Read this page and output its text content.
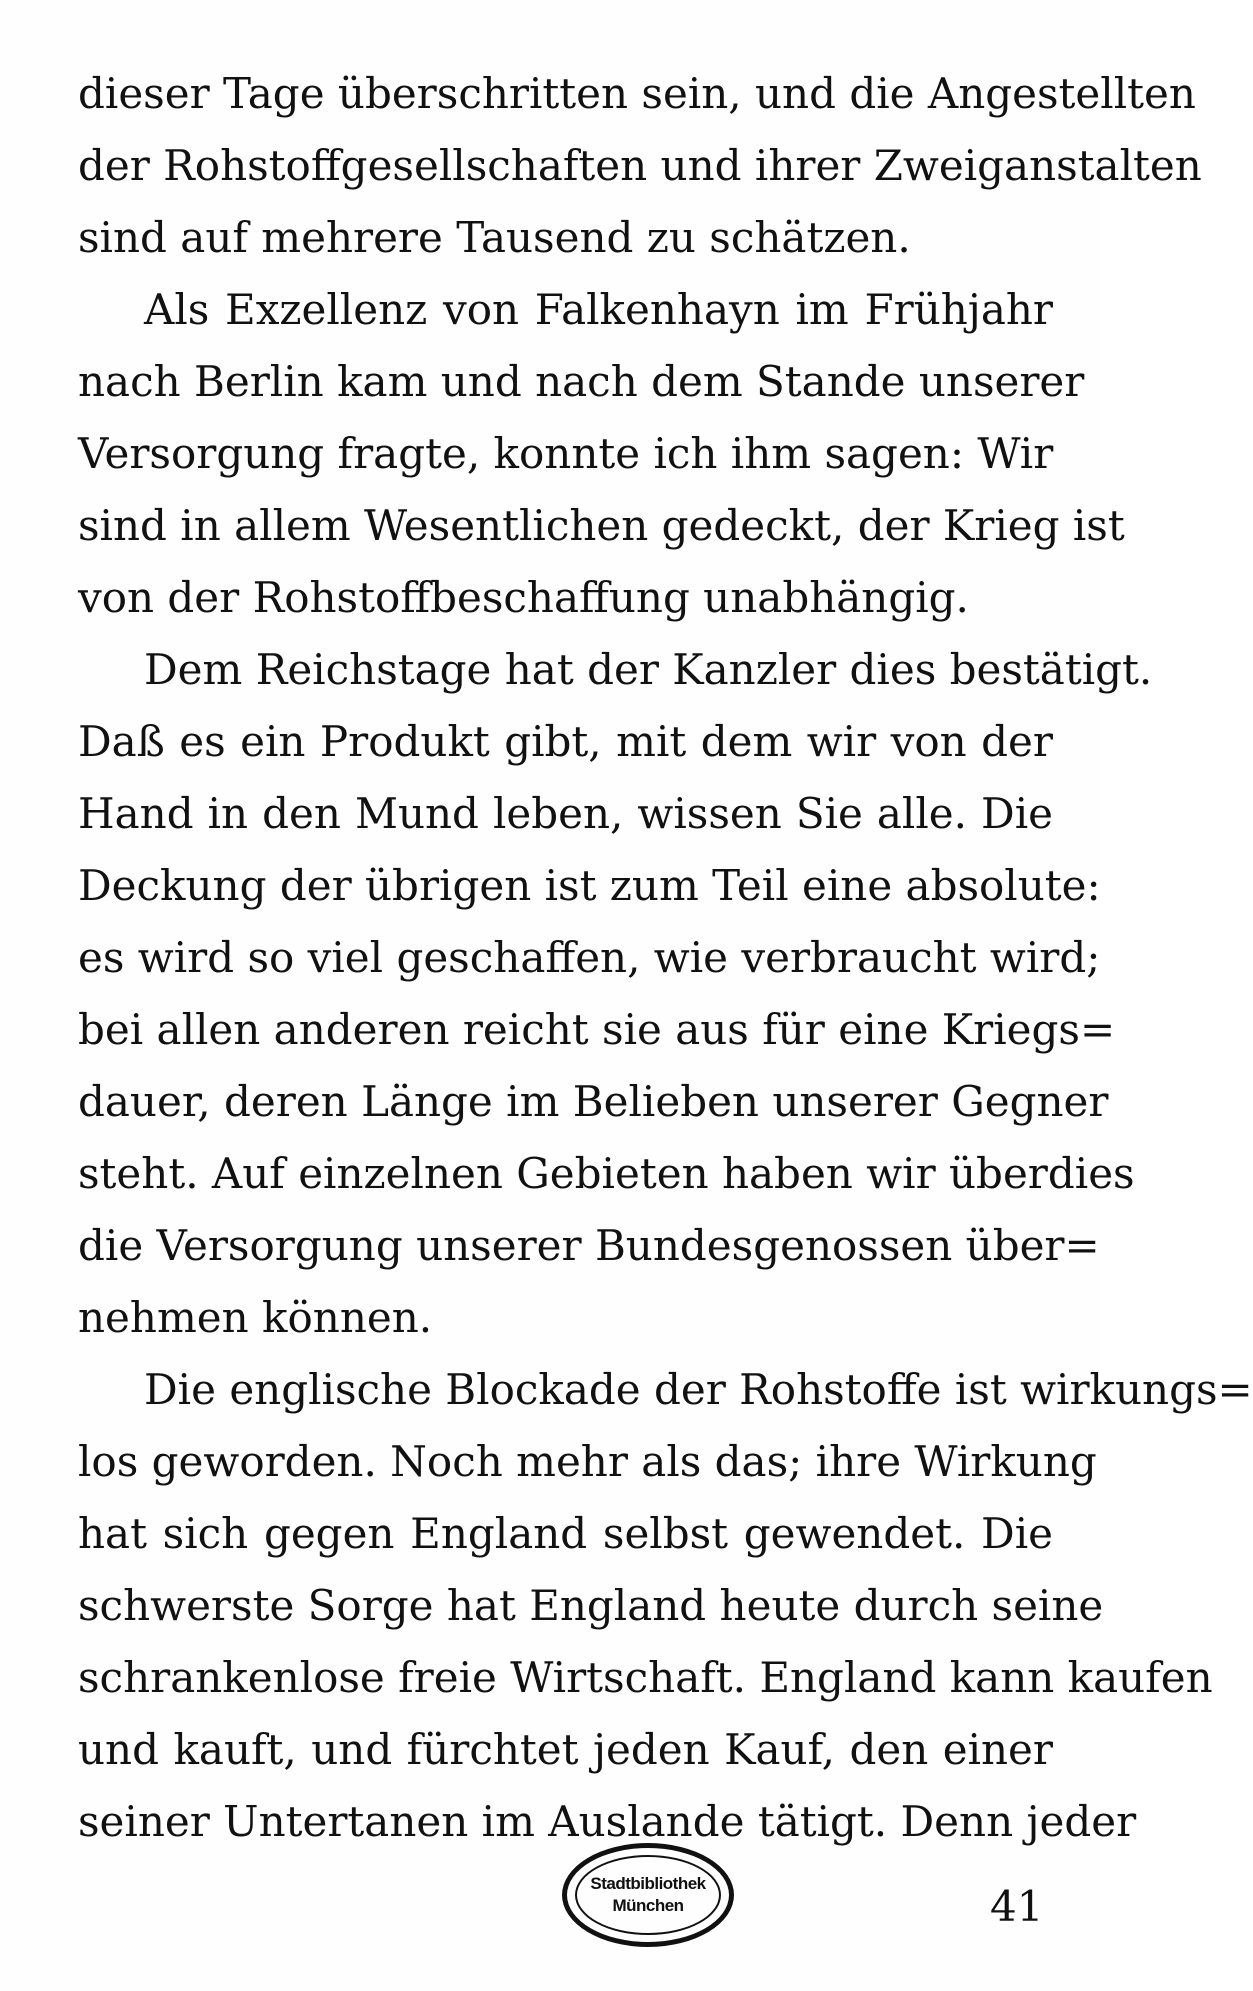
dieser Tage überschritten sein, und die Angestellten
der Rohstoffgesellschaften und ihrer Zweiganstalten
sind auf mehrere Tausend zu schätzen.
Als Exzellenz von Falkenhayn im Frühjahr
nach Berlin kam und nach dem Stande unserer
Versorgung fragte, konnte ich ihm sagen: Wir
sind in allem Wesentlichen gedeckt, der Krieg ist
von der Rohstoffbeschaffung unabhängig.
Dem Reichstage hat der Kanzler dies bestätigt.
Daß es ein Produkt gibt, mit dem wir von der
Hand in den Mund leben, wissen Sie alle. Die
Deckung der übrigen ist zum Teil eine absolute:
es wird so viel geschaffen, wie verbraucht wird;
bei allen anderen reicht sie aus für eine Kriegs=
dauer, deren Länge im Belieben unserer Gegner
steht. Auf einzelnen Gebieten haben wir überdies
die Versorgung unserer Bundesgenossen über=
nehmen können.
Die englische Blockade der Rohstoffe ist wirkungs=
los geworden. Noch mehr als das; ihre Wirkung
hat sich gegen England selbst gewendet. Die
schwerste Sorge hat England heute durch seine
schrankenlose freie Wirtschaft. England kann kaufen
und kauft, und fürchtet jeden Kauf, den einer
seiner Untertanen im Auslande tätigt. Denn jeder
Stadtbibliothek
München	41
